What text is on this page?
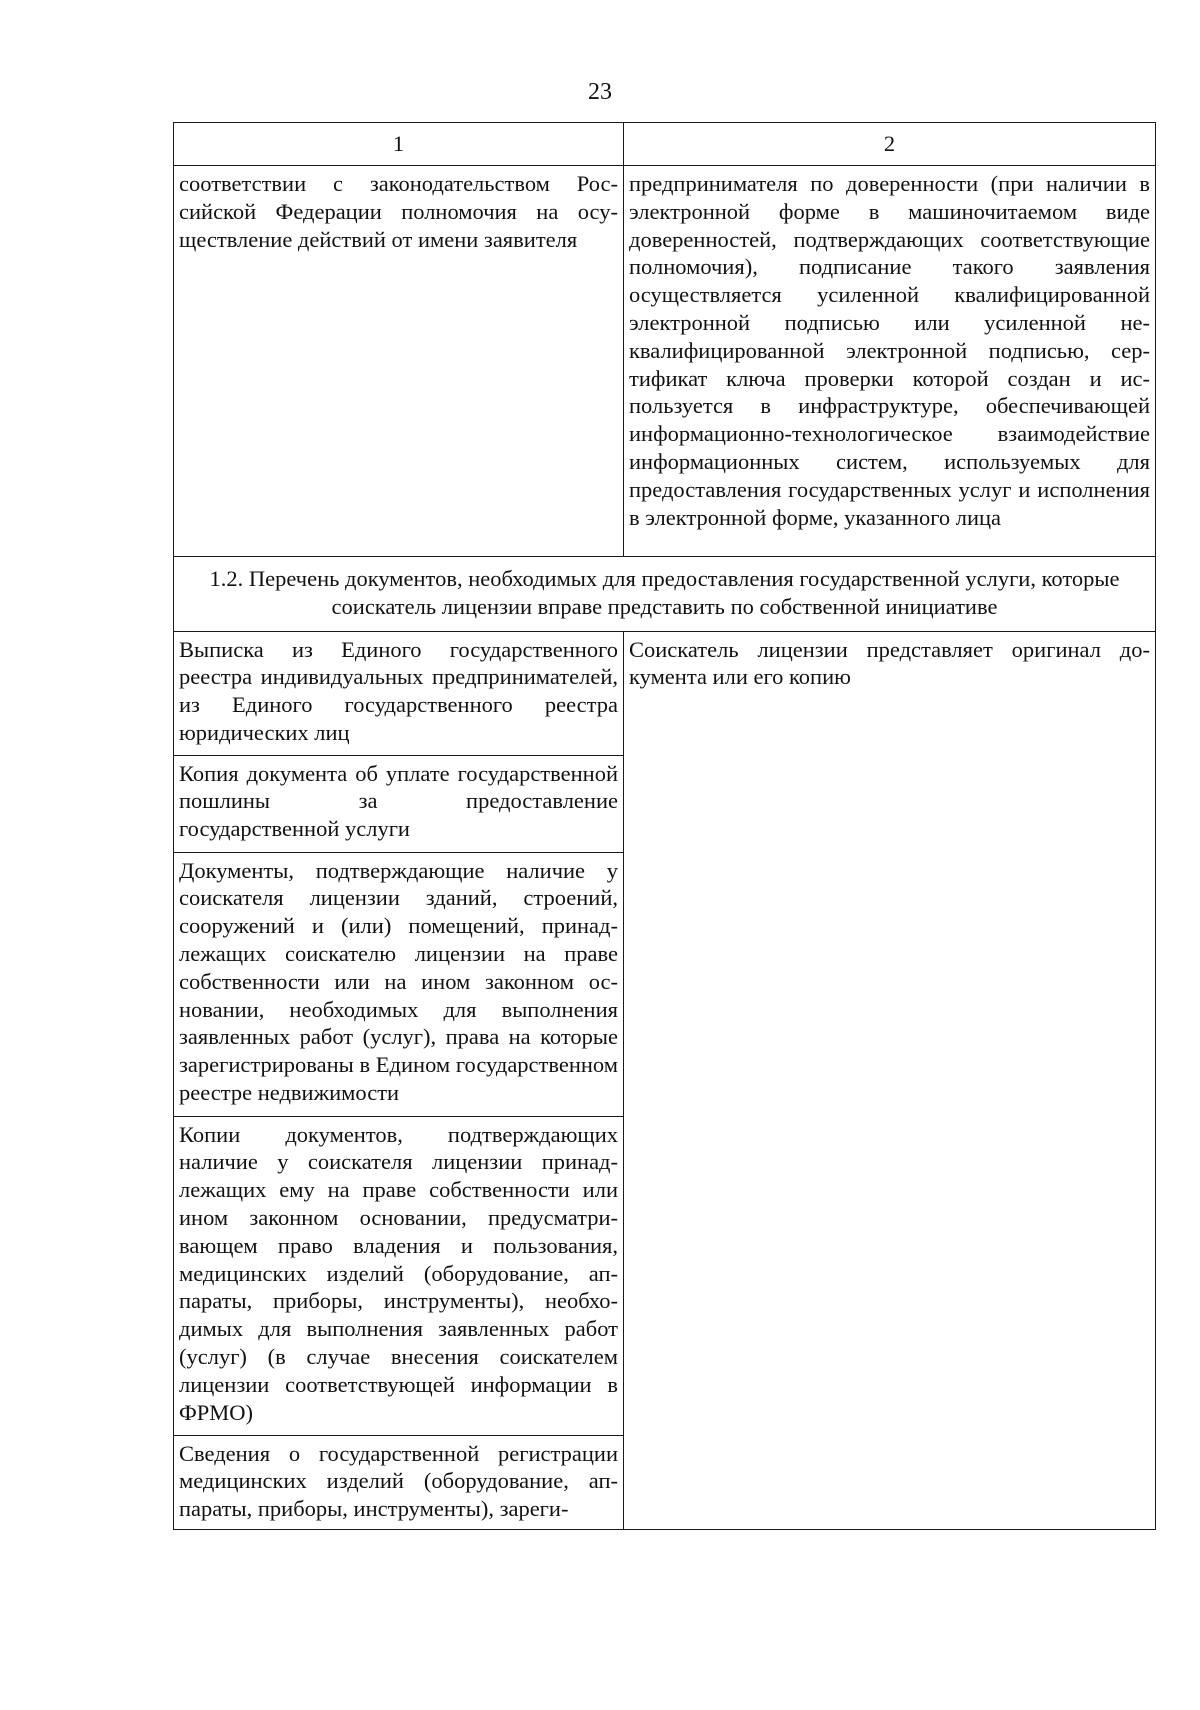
23
1	2
соответствии с законодательством Российской Федерации полномочия на осуществление действий от имени заявителя	предпринимателя по доверенности (при наличии в электронной форме в машиночитаемом виде доверенностей, подтверждающих соответствующие полномочия), подписание такого заявления осуществляется усиленной квалифицированной электронной подписью или усиленной неквалифицированной электронной подписью, сертификат ключа проверки которой создан и используется в инфраструктуре, обеспечивающей информационно-технологическое взаимодействие информационных систем, используемых для предоставления государственных услуг и исполнения в электронной форме, указанного лица
1.2. Перечень документов, необходимых для предоставления государственной услуги, которые соискатель лицензии вправе представить по собственной инициативе	
Выписка из Единого государственного реестра индивидуальных предпринимателей, из Единого государственного реестра юридических лиц	Соискатель лицензии представляет оригинал документа или его копию
Копия документа об уплате государственной пошлины за предоставление государственной услуги	
Документы, подтверждающие наличие у соискателя лицензии зданий, строений, сооружений и (или) помещений, принадлежащих соискателю лицензии на праве собственности или на ином законном основании, необходимых для выполнения заявленных работ (услуг), права на которые зарегистрированы в Едином государственном реестре недвижимости	
Копии документов, подтверждающих наличие у соискателя лицензии принадлежащих ему на праве собственности или ином законном основании, предусматривающем право владения и пользования, медицинских изделий (оборудование, аппараты, приборы, инструменты), необходимых для выполнения заявленных работ (услуг) (в случае внесения соискателем лицензии соответствующей информации в ФРМО)	
Сведения о государственной регистрации медицинских изделий (оборудование, аппараты, приборы, инструменты), зареги-	
